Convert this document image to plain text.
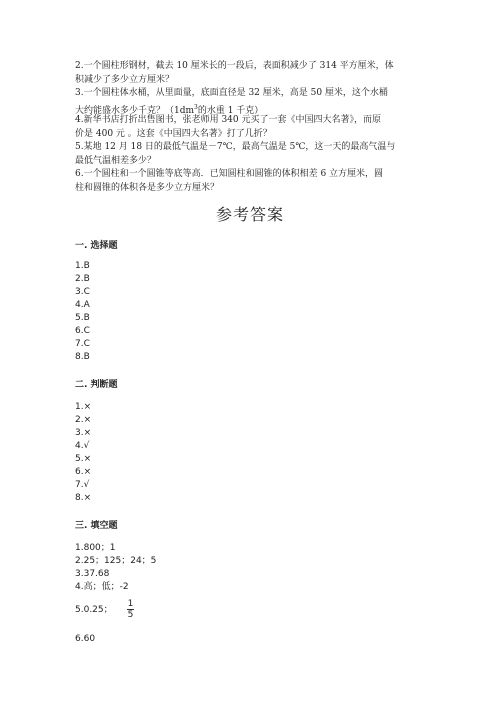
2.一个圆柱形钢材，截去 10 厘米长的一段后，表面积减少了 314 平方厘米，体
积减少了多少立方厘米？

3.一个圆柱体水桶，从里面量，底面直径是 32 厘米，高是 50 厘米，这个水桶
大约能盛水多少千克？（$1dm^3$的水重 1 千克）

4.新华书店打折出售图书，张老师用 340 元买了一套《中国四大名著》，而原
价是 400 元 。这套《中国四大名著》打了几折？

5.某地 12 月 18 日的最低气温是－7℃，最高气温是 5℃，这一天的最高气温与
最低气温相差多少？

6.一个圆柱和一个圆锥等底等高．已知圆柱和圆锥的体积相差 6 立方厘米，圆
柱和圆锥的体积各是多少立方厘米？

参考答案

一. 选择题

1.B
2.B
3.C
4.A
5.B
6.C
7.C
8.B

二. 判断题

1.×
2.×
3.×
4.√
5.×
6.×
7.√
8.×

三. 填空题

1.800；1
2.25；125；24；5
3.37.68
4.高；低；-2
5.0.25； $\frac{1}{5}$
6.60
